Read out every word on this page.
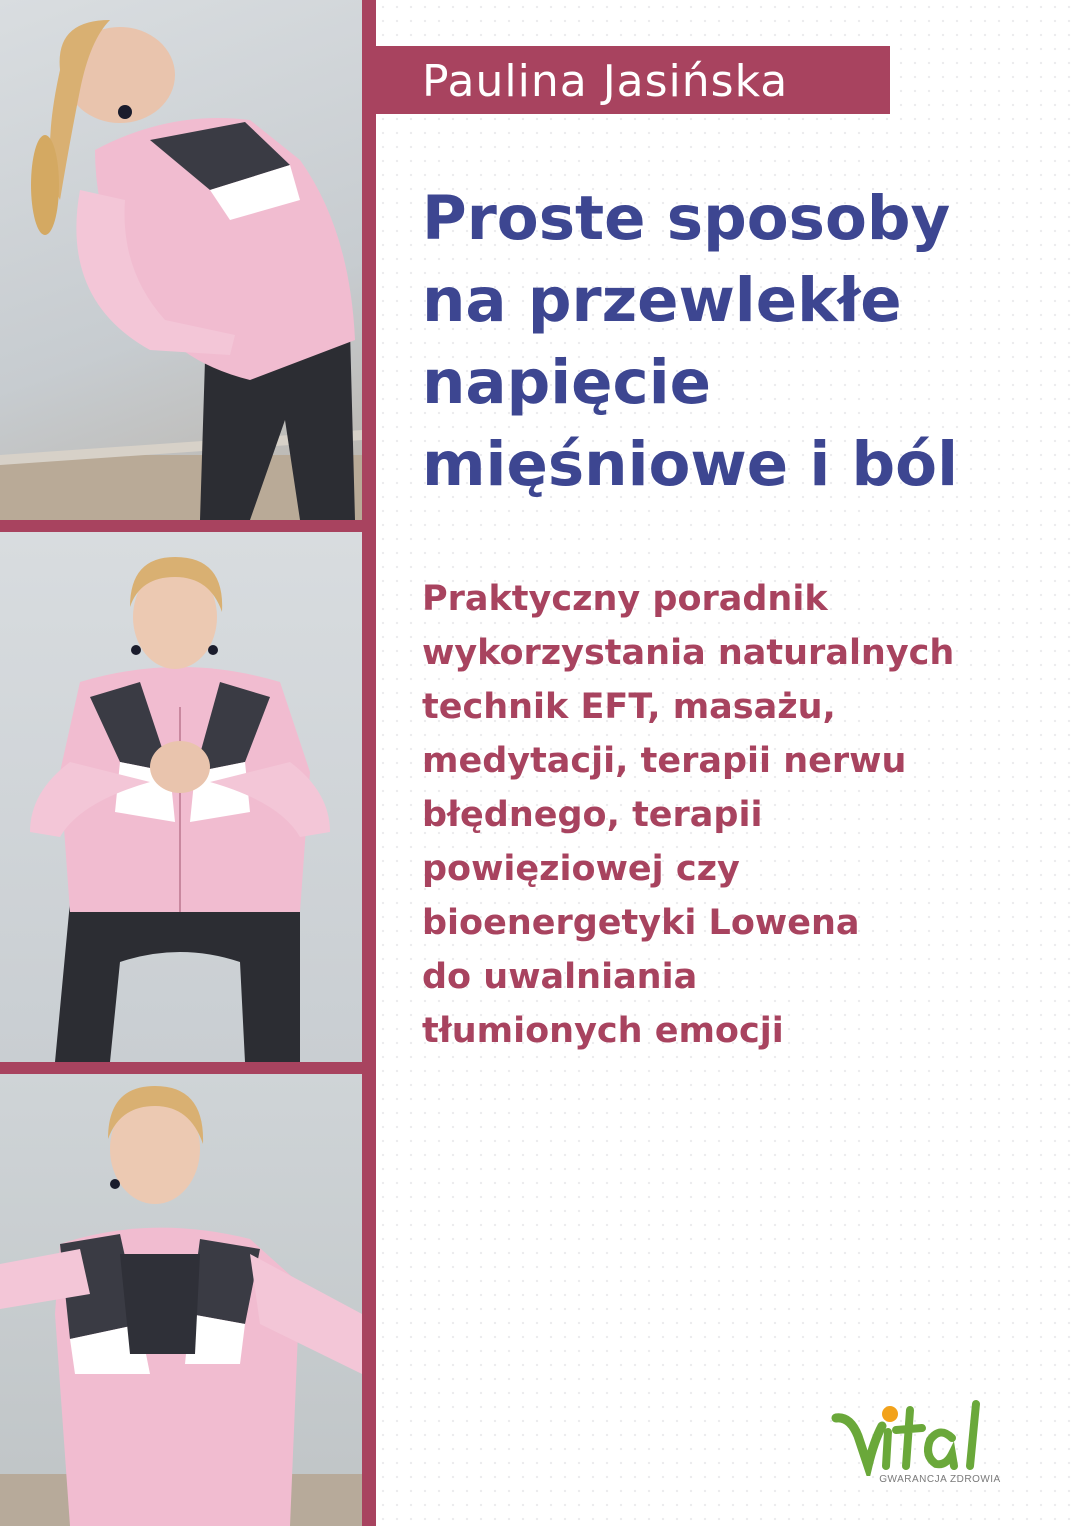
Paulina Jasińska

Proste sposoby
na przewlekłe
napięcie
mięśniowe i ból
Praktyczny poradnik
wykorzystania naturalnych
technik EFT, masażu,
medytacji, terapii nerwu
błędnego, terapii
powięziowej czy
bioenergetyki Lowena
do uwalniania
tłumionych emocji
GWARANCJA ZDROWIA
